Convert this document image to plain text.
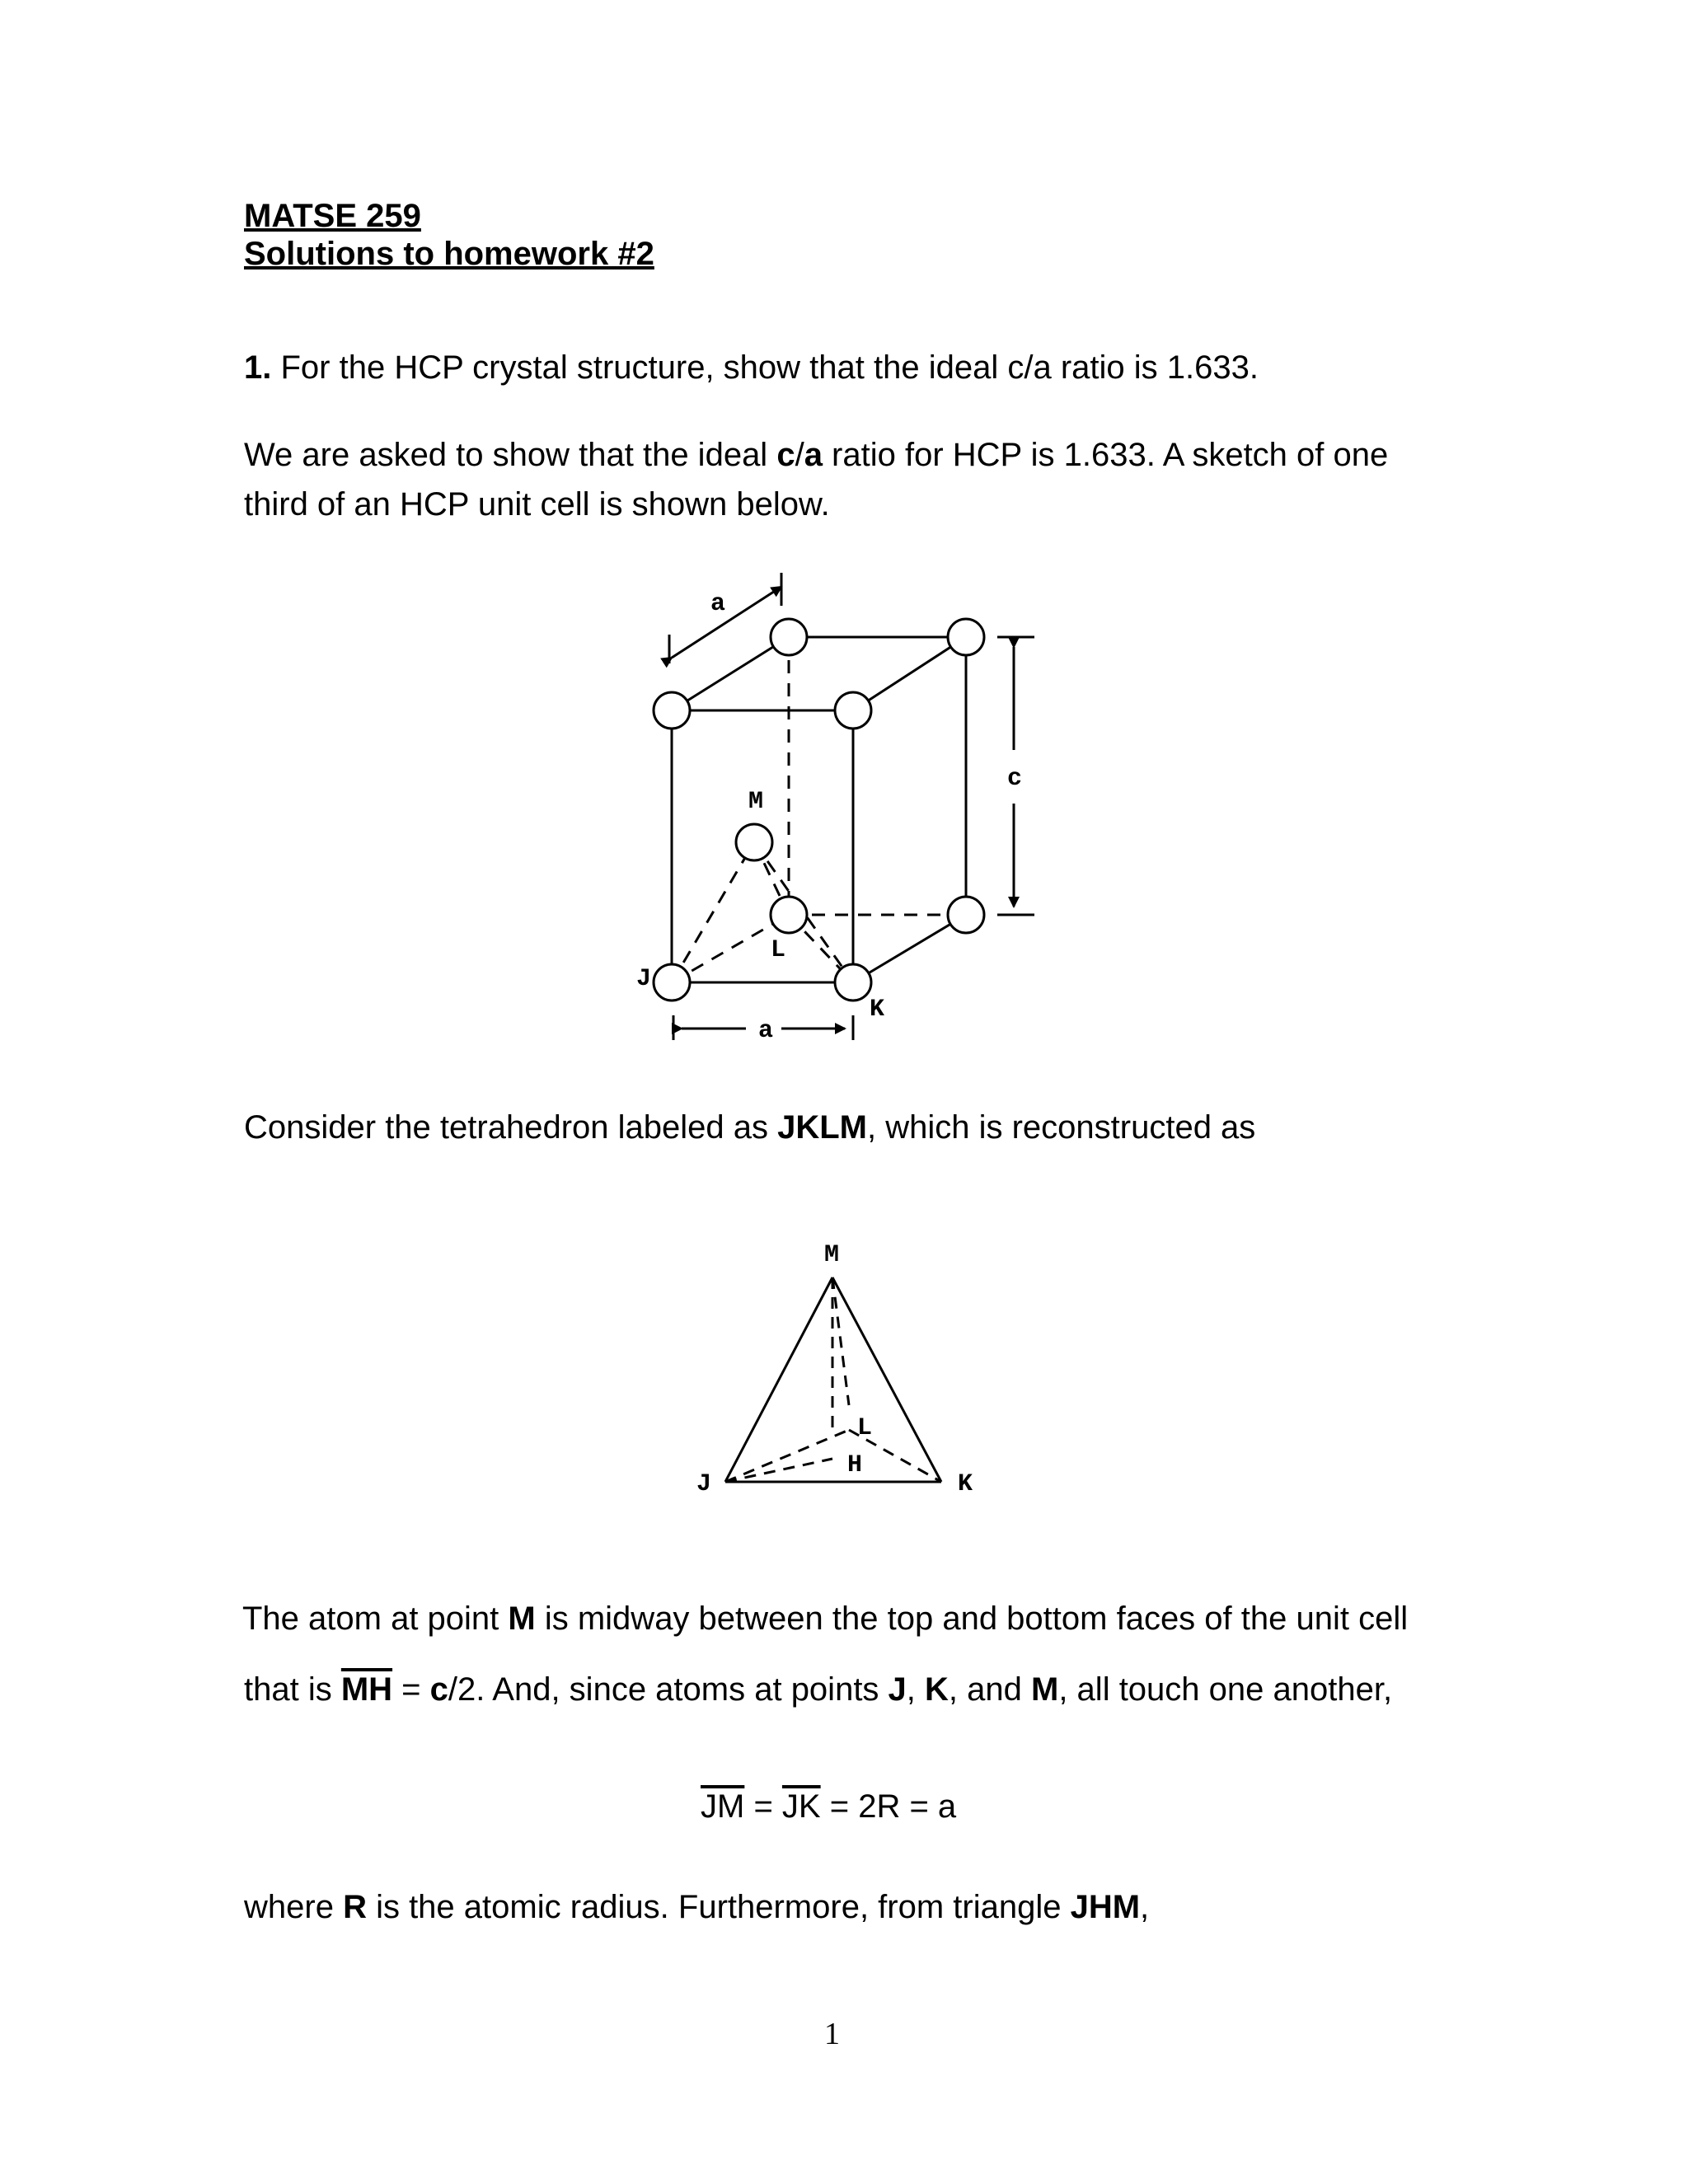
MATSE 259
Solutions to homework #2
1. For the HCP crystal structure, show that the ideal c/a ratio is 1.633.
We are asked to show that the ideal c/a ratio for HCP is 1.633. A sketch of one
third of an HCP unit cell is shown below.
a
c
M
L
J
K
a
M
L
H
J	K
Consider the tetrahedron labeled as JKLM, which is reconstructed as
The atom at point M is midway between the top and bottom faces of the unit cell
that is $\overline{MH} = c/2$. And, since atoms at points J, K, and M, all touch one another,
$\overline{JM} = \overline{JK} = 2R = a$
where R is the atomic radius. Furthermore, from triangle JHM,
1
